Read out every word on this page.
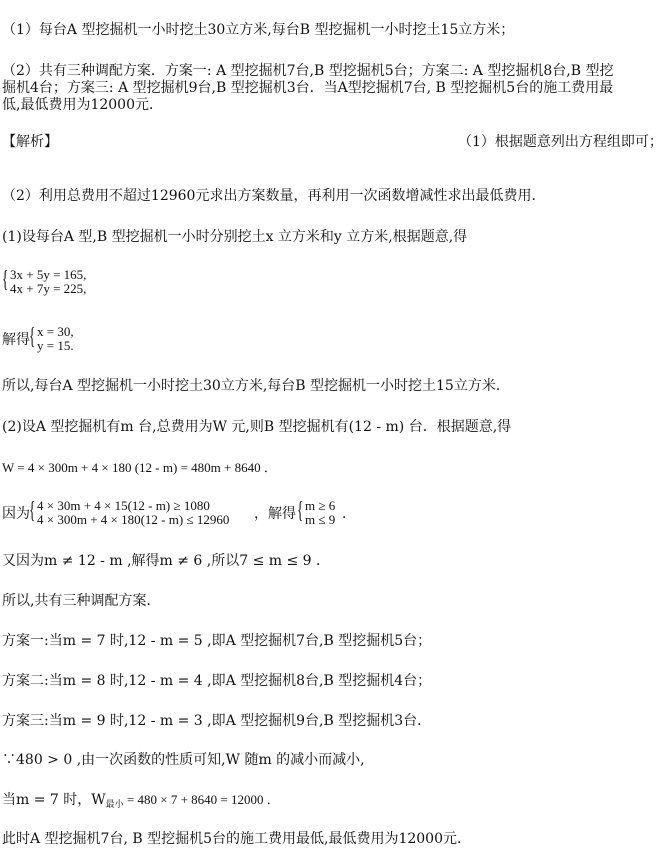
（1）每台A 型挖掘机一小时挖土30立方米,每台B 型挖掘机一小时挖土15立方米；
（2）共有三种调配方案．方案一: A 型挖掘机7台,B 型挖掘机5台；方案二: A 型挖掘机8台,B 型挖掘机4台；方案三: A 型挖掘机9台,B 型挖掘机3台．当A型挖掘机7台, B 型挖掘机5台的施工费用最低,最低费用为12000元．
【解析】	（1）根据题意列出方程组即可；
（2）利用总费用不超过12960元求出方案数量，再利用一次函数增减性求出最低费用．
(1)设每台A 型,B 型挖掘机一小时分别挖土x 立方米和y 立方米,根据题意,得
{ 3x + 5y = 165,
4x + 7y = 225,
解得 { x = 30,
y = 15.
所以,每台A 型挖掘机一小时挖土30立方米,每台B 型挖掘机一小时挖土15立方米．
(2)设A 型挖掘机有m 台,总费用为W 元,则B 型挖掘机有(12 - m) 台．根据题意,得
W = 4 × 300m + 4 × 180 (12 - m) = 480m + 8640 ．
因为 { 4 × 30m + 4 × 15(12 - m) ≥ 1080
4 × 300m + 4 × 180(12 - m) ≤ 12960 ，解得 { m ≥ 6
m ≤ 9 ．
又因为m ≠ 12 - m ,解得m ≠ 6 ,所以7 ≤ m ≤ 9 ．
所以,共有三种调配方案．
方案一:当m = 7 时,12 - m = 5 ,即A 型挖掘机7台,B 型挖掘机5台；
方案二:当m = 8 时,12 - m = 4 ,即A 型挖掘机8台,B 型挖掘机4台；
方案三:当m = 9 时,12 - m = 3 ,即A 型挖掘机9台,B 型挖掘机3台．
∵480 > 0 ,由一次函数的性质可知,W 随m 的减小而减小,
当m = 7 时，$W_{最小} = 480 \times 7 + 8640 = 12000$ ．
此时A 型挖掘机7台, B 型挖掘机5台的施工费用最低,最低费用为12000元．
